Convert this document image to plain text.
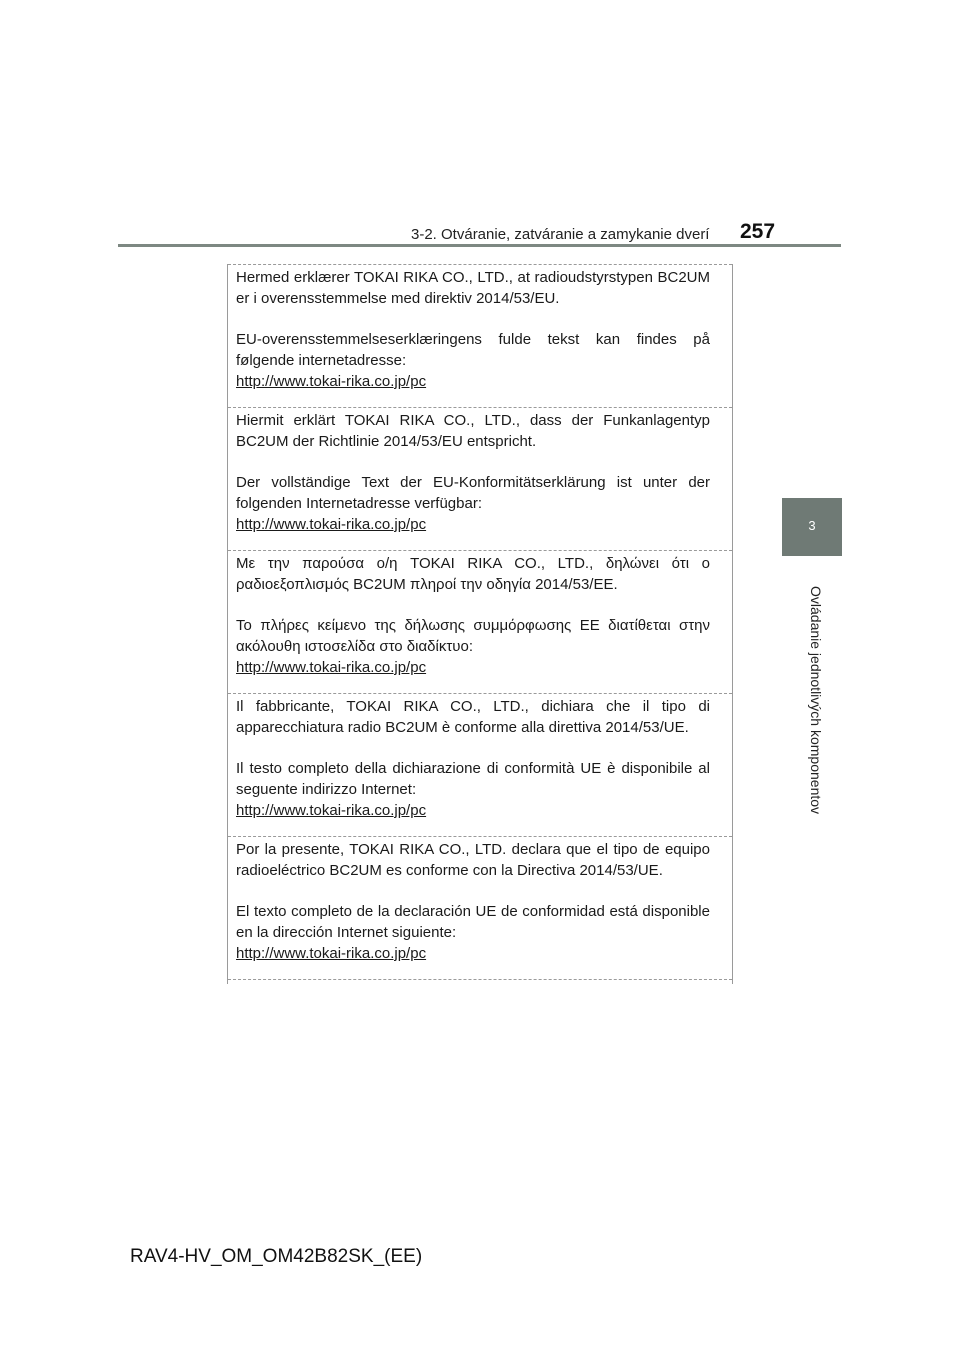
3-2. Otváranie, zatváranie a zamykanie dverí 257
3
Ovládanie jednotlivých komponentov
Hermed erklærer TOKAI RIKA CO., LTD., at radioudstyrstypen BC2UM er i overensstemmelse med direktiv 2014/53/EU.
EU-overensstemmelseserklæringens fulde tekst kan findes på følgende internetadresse:
http://www.tokai-rika.co.jp/pc
Hiermit erklärt TOKAI RIKA CO., LTD., dass der Funkanlagentyp BC2UM der Richtlinie 2014/53/EU entspricht.
Der vollständige Text der EU-Konformitätserklärung ist unter der folgenden Internetadresse verfügbar:
http://www.tokai-rika.co.jp/pc
Με την παρούσα ο/η TOKAI RIKA CO., LTD., δηλώνει ότι ο ραδιοεξοπλισμός BC2UM πληροί την οδηγία 2014/53/ΕΕ.
Το πλήρες κείμενο της δήλωσης συμμόρφωσης ΕΕ διατίθεται στην ακόλουθη ιστοσελίδα στο διαδίκτυο:
http://www.tokai-rika.co.jp/pc
Il fabbricante, TOKAI RIKA CO., LTD., dichiara che il tipo di apparecchiatura radio BC2UM è conforme alla direttiva 2014/53/UE.
Il testo completo della dichiarazione di conformità UE è disponibile al seguente indirizzo Internet:
http://www.tokai-rika.co.jp/pc
Por la presente, TOKAI RIKA CO., LTD. declara que el tipo de equipo radioeléctrico BC2UM es conforme con la Directiva 2014/53/UE.
El texto completo de la declaración UE de conformidad está disponible en la dirección Internet siguiente:
http://www.tokai-rika.co.jp/pc
RAV4-HV_OM_OM42B82SK_(EE)
